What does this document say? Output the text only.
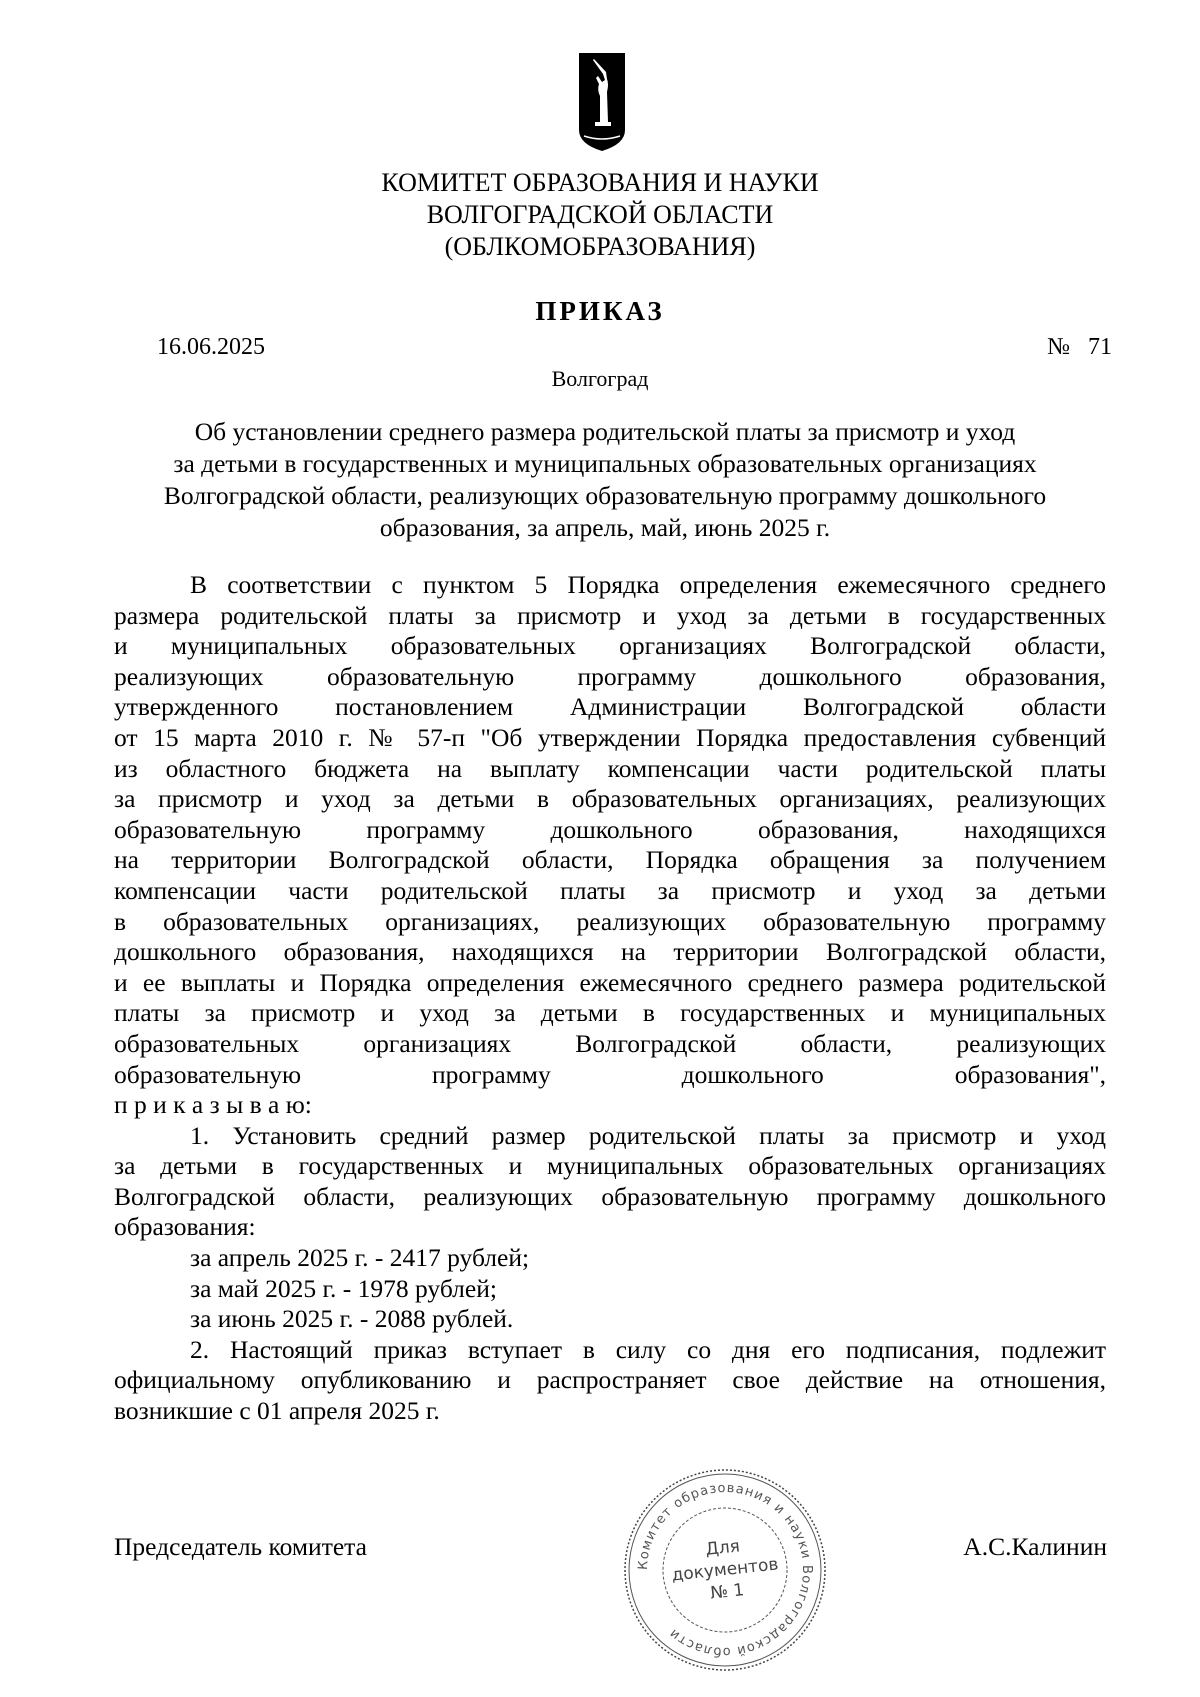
КОМИТЕТ ОБРАЗОВАНИЯ И НАУКИ
ВОЛГОГРАДСКОЙ ОБЛАСТИ
(ОБЛКОМОБРАЗОВАНИЯ)
ПРИКАЗ
16.06.2025	№   71
Волгоград
Об установлении среднего размера родительской платы за присмотр и уход
за детьми в государственных и муниципальных образовательных организациях
Волгоградской области, реализующих образовательную программу дошкольного
образования, за апрель, май, июнь 2025 г.
В соответствии с пунктом 5 Порядка определения ежемесячного среднего
размера родительской платы за присмотр и уход за детьми в государственных
и муниципальных образовательных организациях Волгоградской области,
реализующих образовательную программу дошкольного образования,
утвержденного постановлением Администрации Волгоградской области
от 15 марта 2010 г. № 57-п "Об утверждении Порядка предоставления субвенций
из областного бюджета на выплату компенсации части родительской платы
за присмотр и уход за детьми в образовательных организациях, реализующих
образовательную программу дошкольного образования, находящихся
на территории Волгоградской области, Порядка обращения за получением
компенсации части родительской платы за присмотр и уход за детьми
в образовательных организациях, реализующих образовательную программу
дошкольного образования, находящихся на территории Волгоградской области,
и ее выплаты и Порядка определения ежемесячного среднего размера родительской
платы за присмотр и уход за детьми в государственных и муниципальных
образовательных организациях Волгоградской области, реализующих
образовательную программу дошкольного образования",
п р и к а з ы в а ю:
1. Установить средний размер родительской платы за присмотр и уход
за детьми в государственных и муниципальных образовательных организациях
Волгоградской области, реализующих образовательную программу дошкольного
образования:
за апрель 2025 г. - 2417 рублей;
за май 2025 г. - 1978 рублей;
за июнь 2025 г. - 2088 рублей.
2. Настоящий приказ вступает в силу со дня его подписания, подлежит
официальному опубликованию и распространяет свое действие на отношения,
возникшие с 01 апреля 2025 г.
Председатель комитета	А.С.Калинин
Комитет образования и науки Волгоградской области
Для
документов
№ 1
